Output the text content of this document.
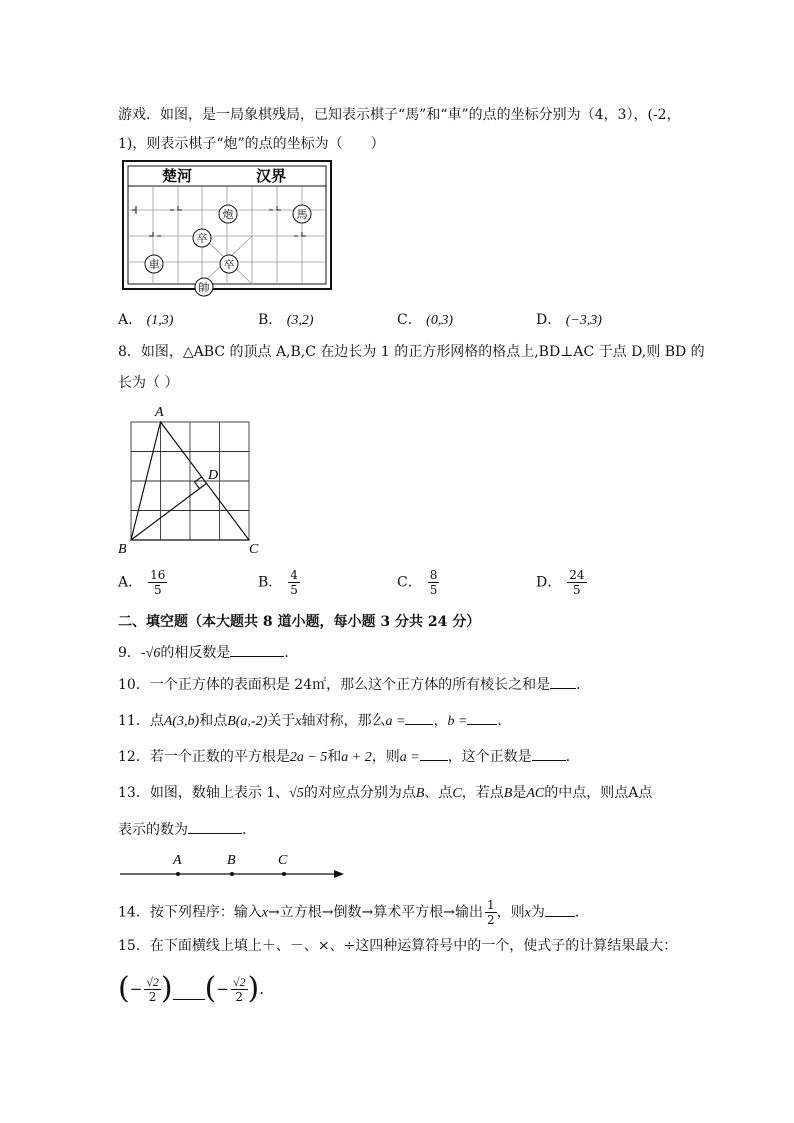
游戏．如图，是一局象棋残局，已知表示棋子“馬”和“車”的点的坐标分别为（4，3），(-2，
1)，则表示棋子“炮”的点的坐标为（　　）
楚河	汉界
炮	馬
卒
卒
車
帥
A． (1,3)	B． (3,2)	C． (0,3)	D． (−3,3)
8．如图，△ABC 的顶点 A,B,C 在边长为 1 的正方形网格的格点上,BD⊥AC 于点 D,则 BD 的
长为（ ）
A
B	C
D
A． $\frac{16}{5}$	B． $\frac{4}{5}$	C． $\frac{8}{5}$	D． $\frac{24}{5}$
二、填空题（本大题共 8 道小题，每小题 3 分共 24 分）
9．-√6的相反数是	．
10．一个正方体的表面积是 24㎡，那么这个正方体的所有棱长之和是 ．
11．点A(3,b)和点B(a,-2)关于x轴对称，那么a = ，b = ．
12．若一个正数的平方根是2a − 5和a + 2，则a = ，这个正数是 ．
13．如图，数轴上表示 1、√5的对应点分别为点B、点C，若点B是AC的中点，则点A点
表示的数为	．
A	B	C
14．按下列程序：输入x→立方根→倒数→算术平方根→输出 $\frac{1}{2}$ ，则x为 ．
15．在下面横线上填上＋、－、×、÷这四种运算符号中的一个，使式子的计算结果最大：
(− $\frac{√2}{2}$ ) (− $\frac{√2}{2}$ ).
